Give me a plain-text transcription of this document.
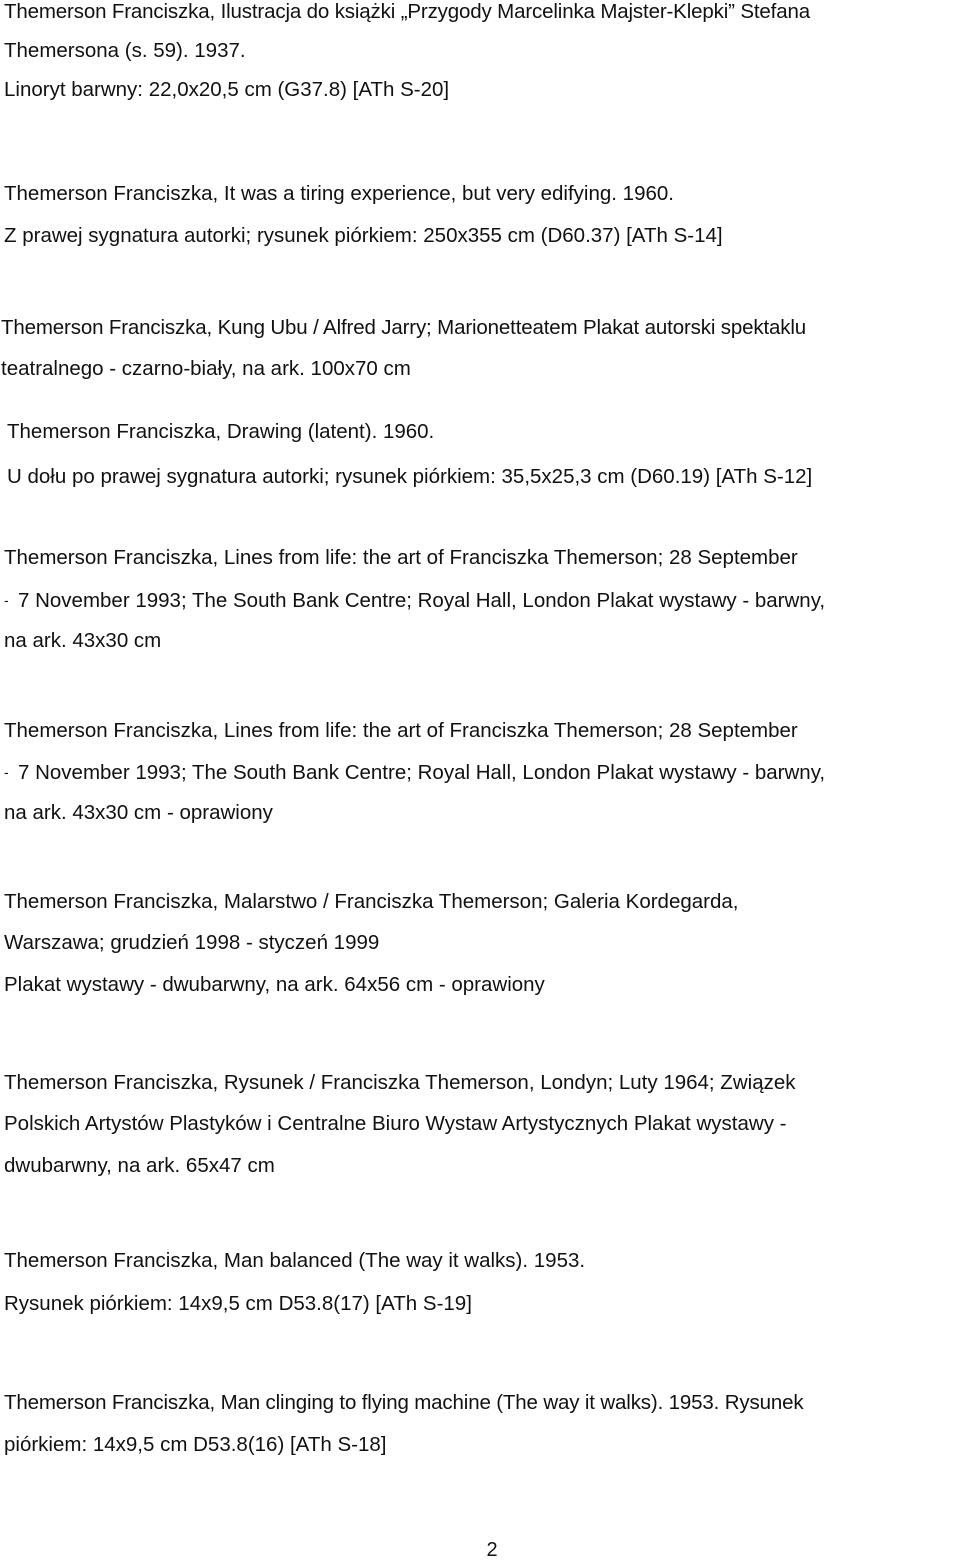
Themerson Franciszka, Ilustracja do książki „Przygody Marcelinka Majster-Klepki” Stefana
Themersona (s. 59). 1937.
Linoryt barwny: 22,0x20,5 cm (G37.8) [ATh S-20]
Themerson Franciszka, It was a tiring experience, but very edifying. 1960.
Z prawej sygnatura autorki; rysunek piórkiem: 250x355 cm (D60.37) [ATh S-14]
Themerson Franciszka, Kung Ubu / Alfred Jarry; Marionetteatem Plakat autorski spektaklu
teatralnego - czarno-biały, na ark. 100x70 cm
Themerson Franciszka, Drawing (latent). 1960.
U dołu po prawej sygnatura autorki; rysunek piórkiem: 35,5x25,3 cm (D60.19) [ATh S-12]
Themerson Franciszka, Lines from life: the art of Franciszka Themerson; 28 September
- 7 November 1993; The South Bank Centre; Royal Hall, London Plakat wystawy - barwny,
na ark. 43x30 cm
Themerson Franciszka, Lines from life: the art of Franciszka Themerson; 28 September
- 7 November 1993; The South Bank Centre; Royal Hall, London Plakat wystawy - barwny,
na ark. 43x30 cm - oprawiony
Themerson Franciszka, Malarstwo / Franciszka Themerson; Galeria Kordegarda,
Warszawa; grudzień 1998 - styczeń 1999
Plakat wystawy - dwubarwny, na ark. 64x56 cm - oprawiony
Themerson Franciszka, Rysunek / Franciszka Themerson, Londyn; Luty 1964; Związek
Polskich Artystów Plastyków i Centralne Biuro Wystaw Artystycznych Plakat wystawy -
dwubarwny, na ark. 65x47 cm
Themerson Franciszka, Man balanced (The way it walks). 1953.
Rysunek piórkiem: 14x9,5 cm D53.8(17) [ATh S-19]
Themerson Franciszka, Man clinging to flying machine (The way it walks). 1953. Rysunek
piórkiem: 14x9,5 cm D53.8(16) [ATh S-18]
2
